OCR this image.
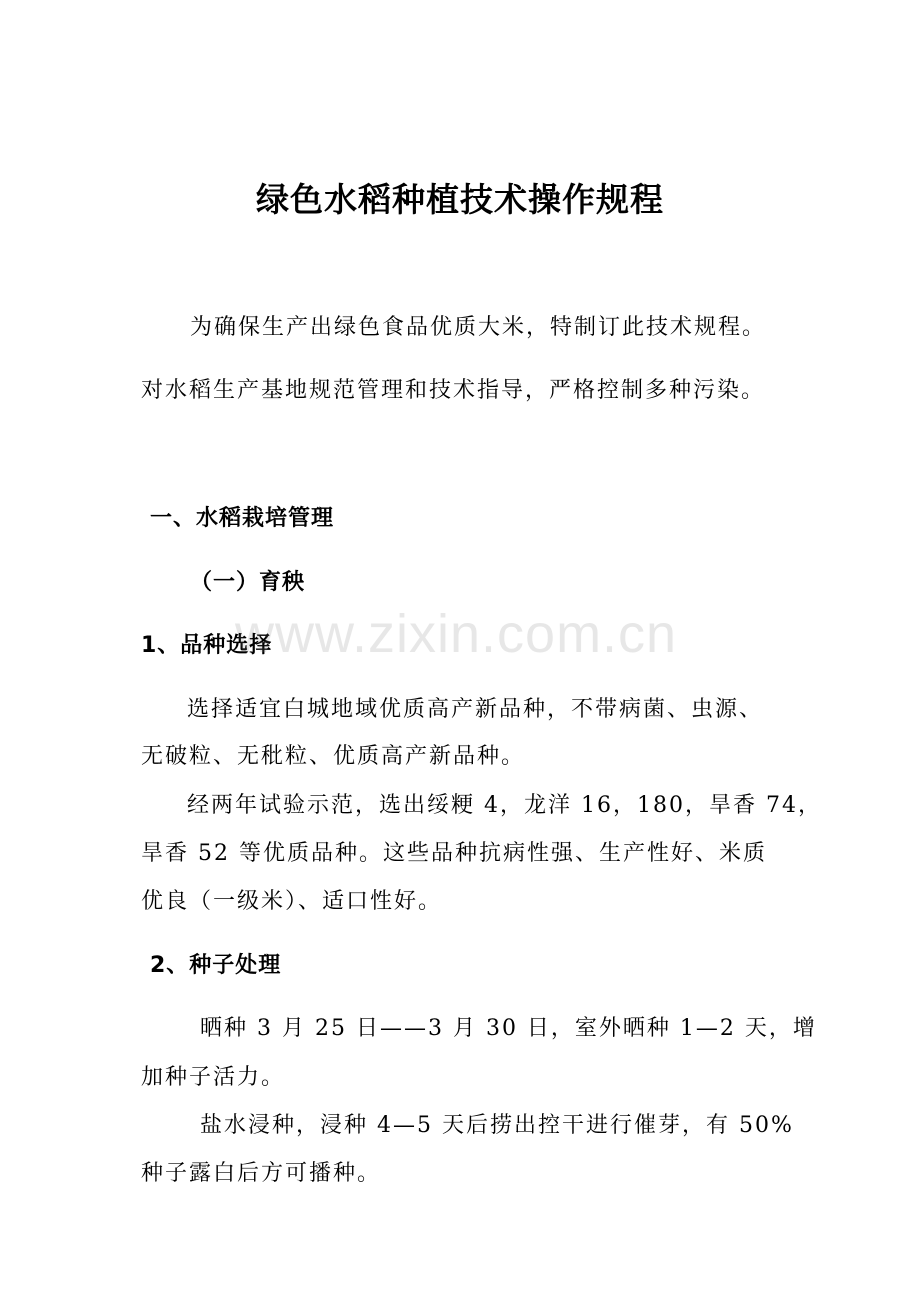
绿色水稻种植技术操作规程
为确保生产出绿色食品优质大米，特制订此技术规程。
对水稻生产基地规范管理和技术指导，严格控制多种污染。
一、水稻栽培管理
（一）育秧
1、品种选择
选择适宜白城地域优质高产新品种，不带病菌、虫源、
无破粒、无秕粒、优质高产新品种。
经两年试验示范，选出绥粳 4，龙洋 16，180，旱香 74，
旱香 52 等优质品种。这些品种抗病性强、生产性好、米质
优良（一级米）、适口性好。
2、种子处理
晒种 3 月 25 日——3 月 30 日，室外晒种 1—2 天，增
加种子活力。
盐水浸种，浸种 4—5 天后捞出控干进行催芽，有 50%
种子露白后方可播种。
www.zixin.com.cn
